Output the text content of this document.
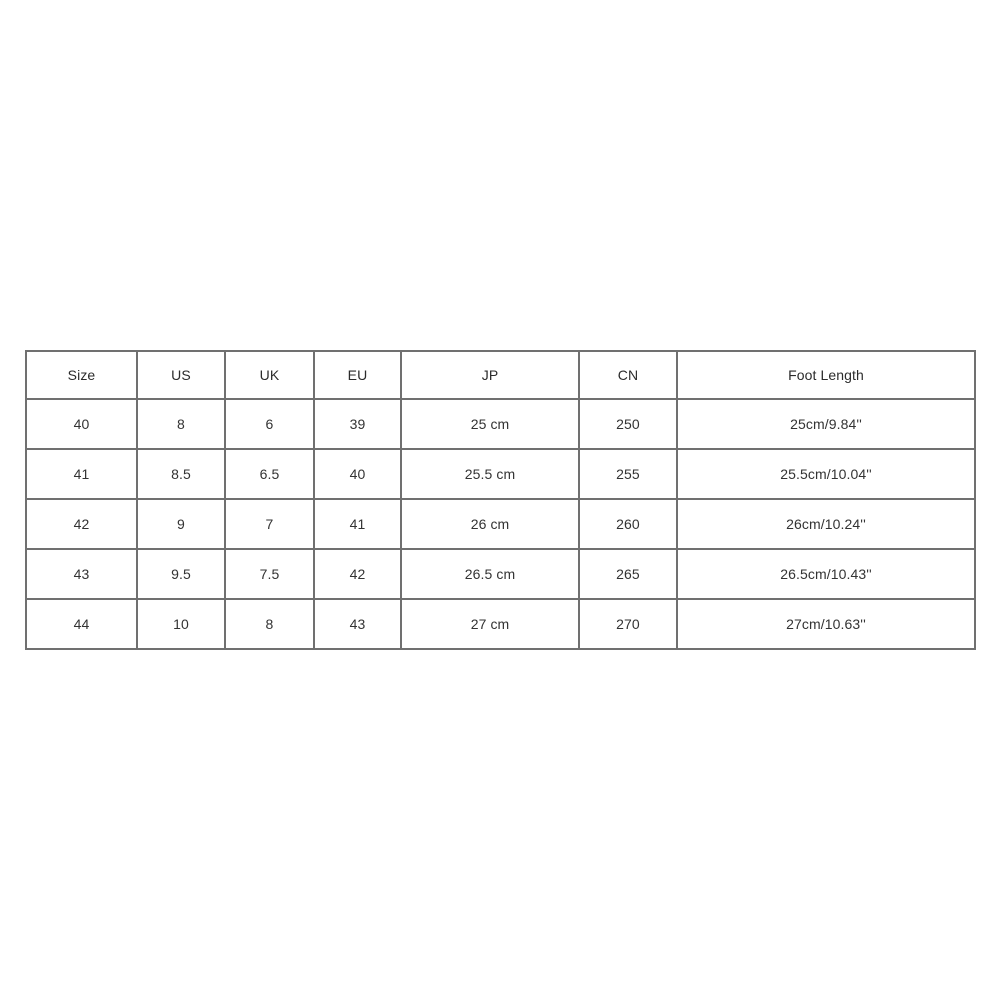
Size	US	UK	EU	JP	CN	Foot Length
40	8	6	39	25 cm	250	25cm/9.84''
41	8.5	6.5	40	25.5 cm	255	25.5cm/10.04''
42	9	7	41	26 cm	260	26cm/10.24''
43	9.5	7.5	42	26.5 cm	265	26.5cm/10.43''
44	10	8	43	27 cm	270	27cm/10.63''
